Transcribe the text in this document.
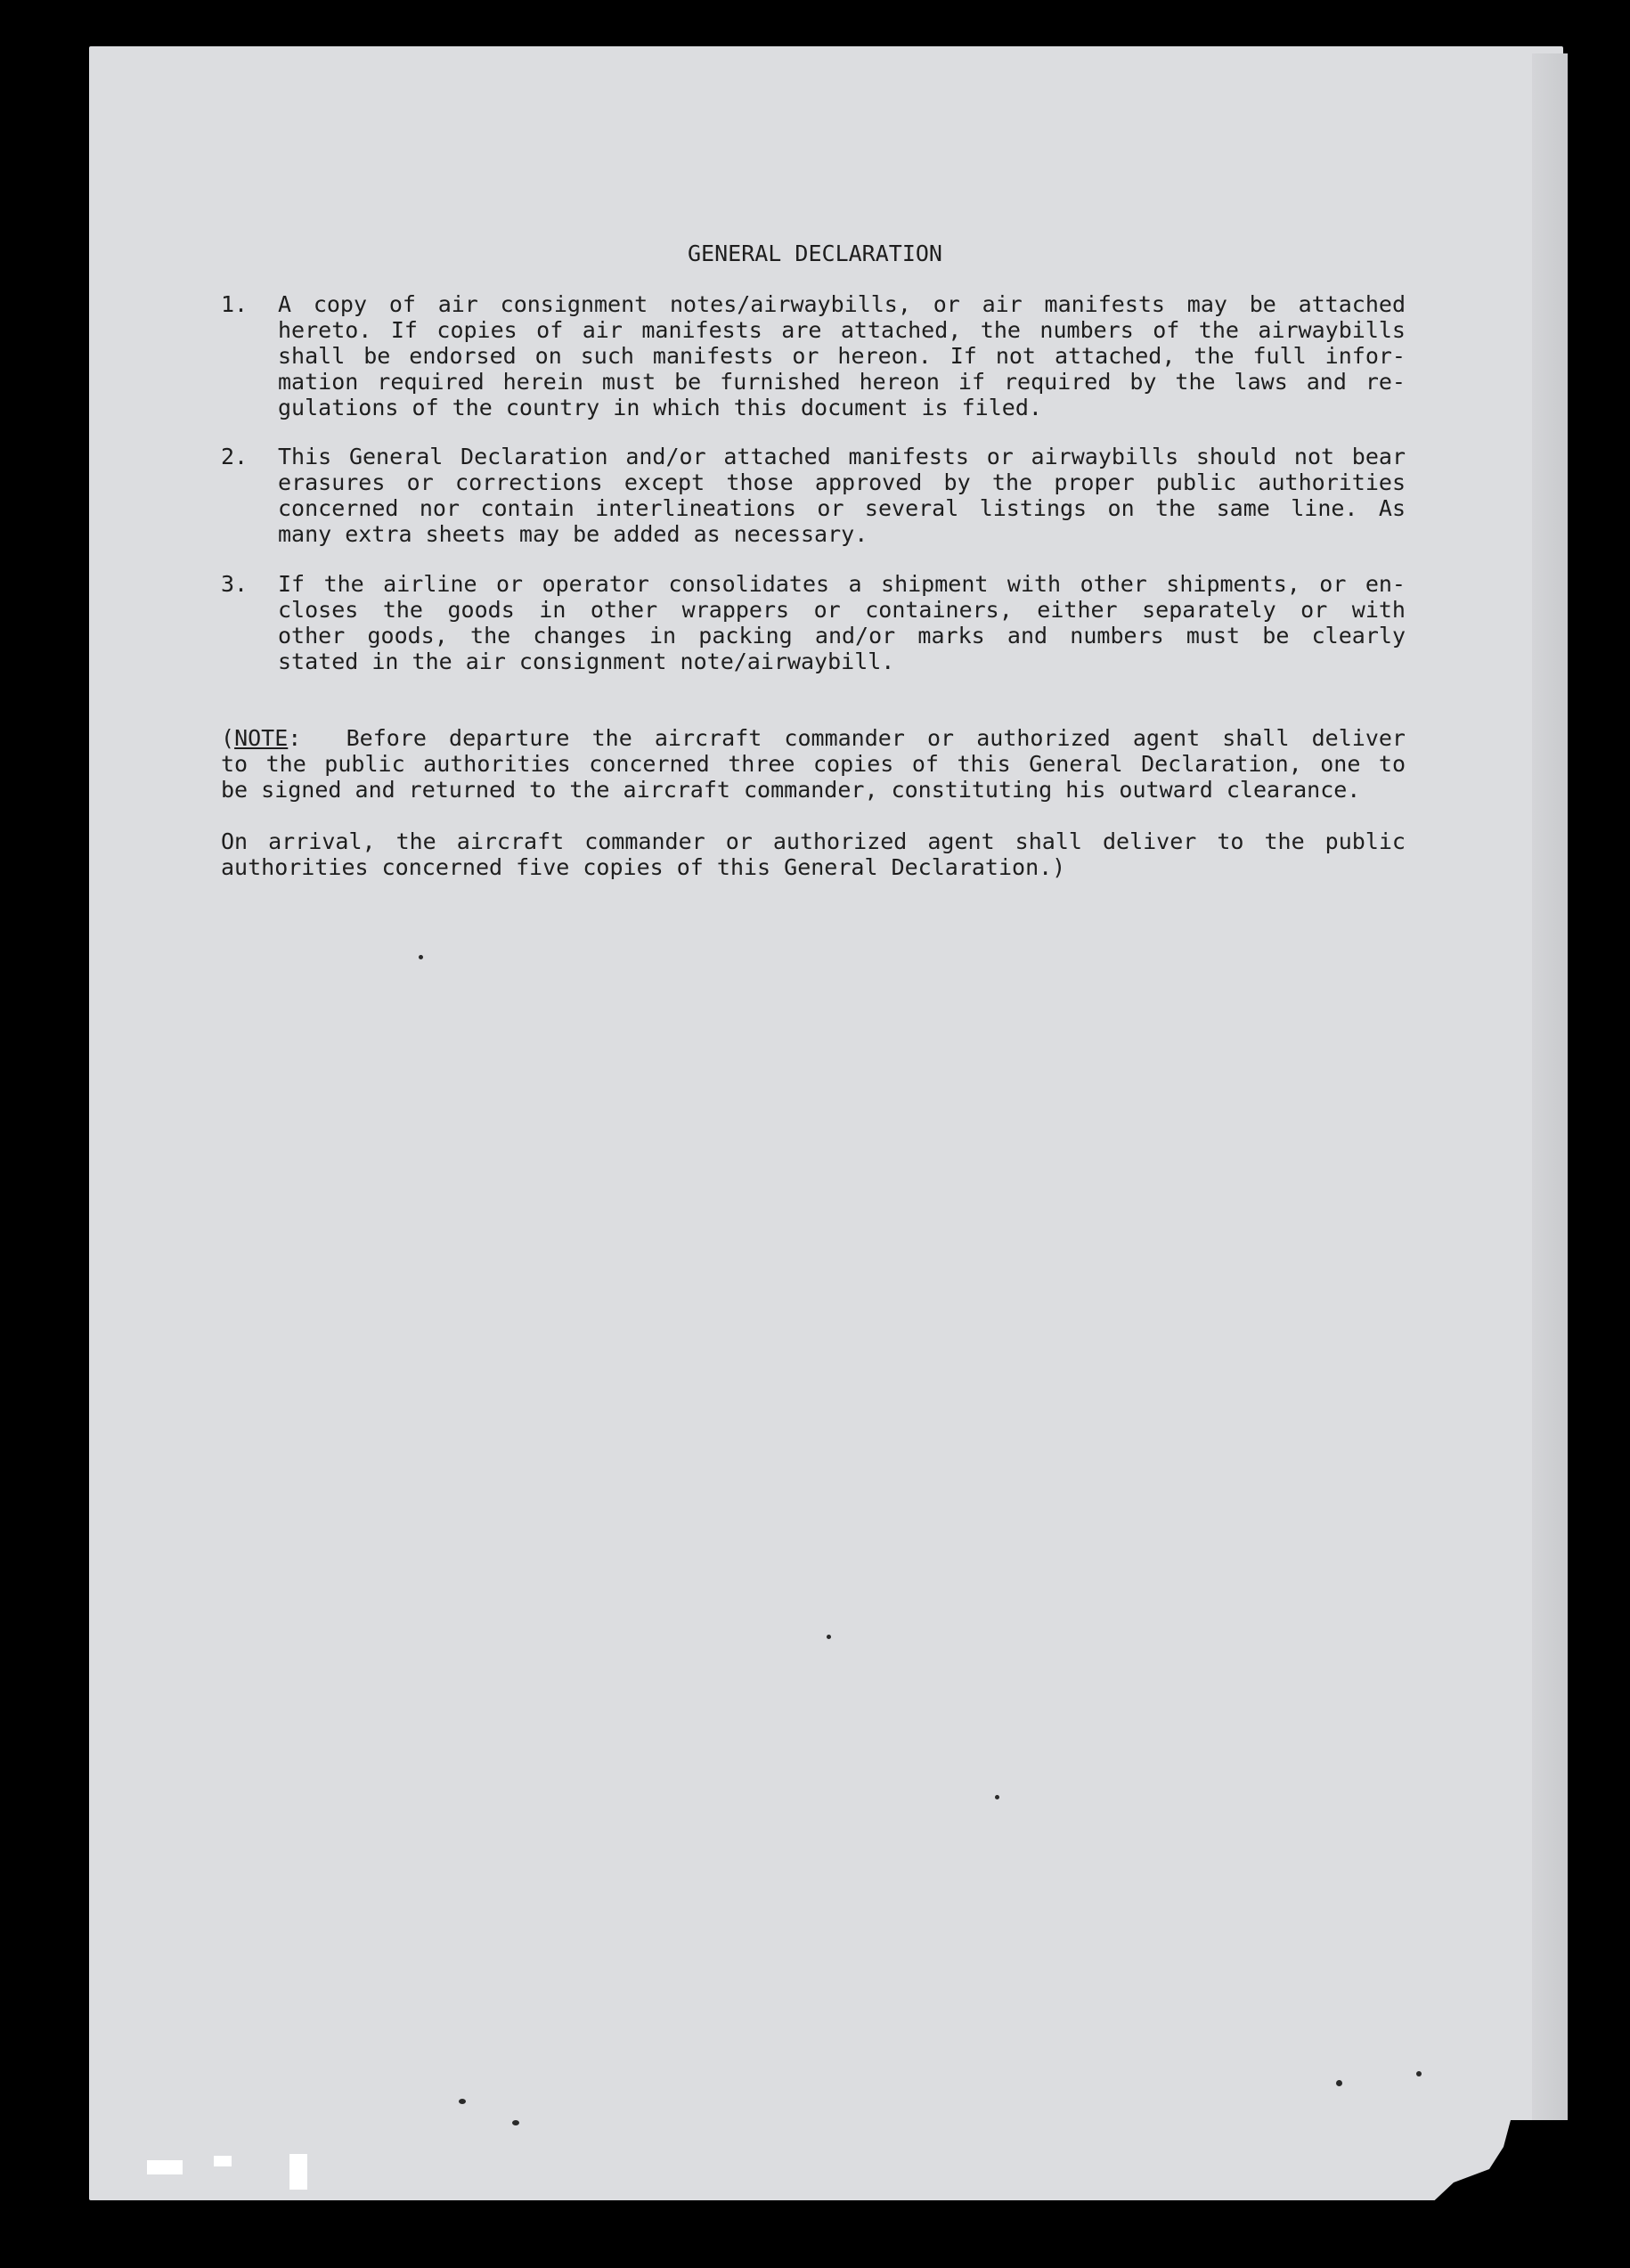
GENERAL DECLARATION
1.	A copy of air consignment notes/airwaybills, or air manifests may be attached
hereto. If copies of air manifests are attached, the numbers of the airwaybills
shall be endorsed on such manifests or hereon. If not attached, the full infor-
mation required herein must be furnished hereon if required by the laws and re-
gulations of the country in which this document is filed.
2.	This General Declaration and/or attached manifests or airwaybills should not bear
erasures or corrections except those approved by the proper public authorities
concerned nor contain interlineations or several listings on the same line. As
many extra sheets may be added as necessary.
3.	If the airline or operator consolidates a shipment with other shipments, or en-
closes the goods in other wrappers or containers, either separately or with
other goods, the changes in packing and/or marks and numbers must be clearly
stated in the air consignment note/airwaybill.
(NOTE:  Before departure the aircraft commander or authorized agent shall deliver
to the public authorities concerned three copies of this General Declaration, one to
be signed and returned to the aircraft commander, constituting his outward clearance.
On arrival, the aircraft commander or authorized agent shall deliver to the public
authorities concerned five copies of this General Declaration.)
